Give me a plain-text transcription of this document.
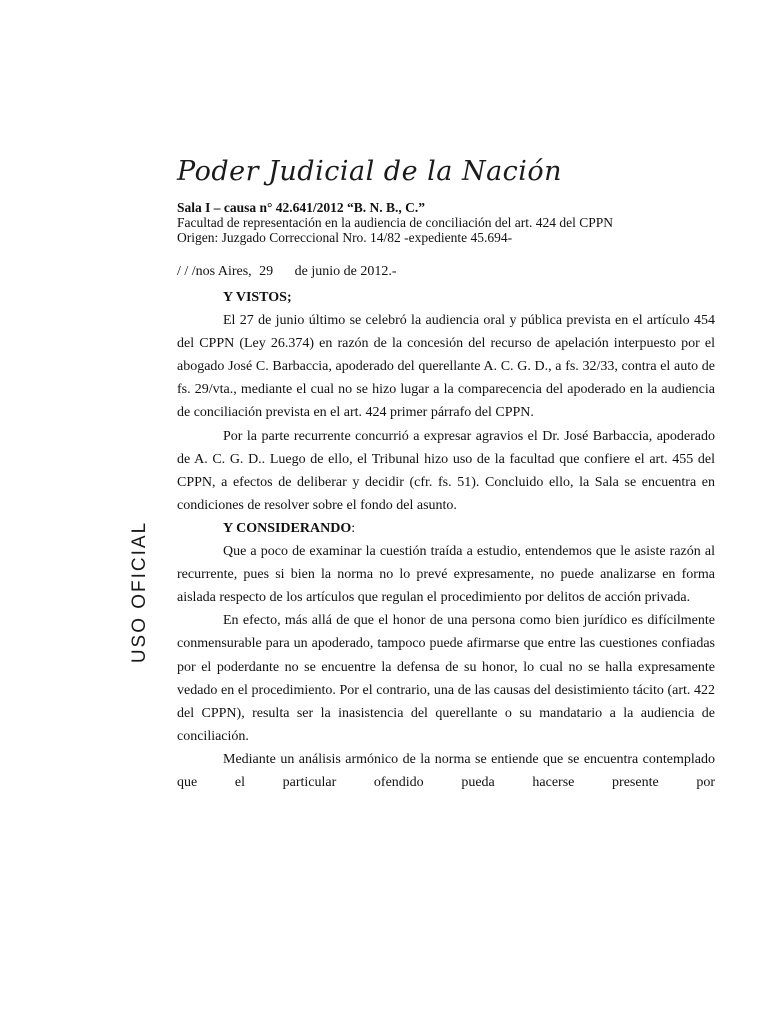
USO OFICIAL
Poder Judicial de la Nación
Sala I – causa n° 42.641/2012 “B. N. B., C.”
Facultad de representación en la audiencia de conciliación del art. 424 del CPPN
Origen: Juzgado Correccional Nro. 14/82 -expediente 45.694-
/ / /nos Aires, 29 de junio de 2012.-
Y VISTOS;

El 27 de junio último se celebró la audiencia oral y pública prevista en el artículo 454 del CPPN (Ley 26.374) en razón de la concesión del recurso de apelación interpuesto por el abogado José C. Barbaccia, apoderado del querellante A. C. G. D., a fs. 32/33, contra el auto de fs. 29/vta., mediante el cual no se hizo lugar a la comparecencia del apoderado en la audiencia de conciliación prevista en el art. 424 primer párrafo del CPPN.

Por la parte recurrente concurrió a expresar agravios el Dr. José Barbaccia, apoderado de A. C. G. D.. Luego de ello, el Tribunal hizo uso de la facultad que confiere el art. 455 del CPPN, a efectos de deliberar y decidir (cfr. fs. 51). Concluido ello, la Sala se encuentra en condiciones de resolver sobre el fondo del asunto.

Y CONSIDERANDO:

Que a poco de examinar la cuestión traída a estudio, entendemos que le asiste razón al recurrente, pues si bien la norma no lo prevé expresamente, no puede analizarse en forma aislada respecto de los artículos que regulan el procedimiento por delitos de acción privada.

En efecto, más allá de que el honor de una persona como bien jurídico es difícilmente conmensurable para un apoderado, tampoco puede afirmarse que entre las cuestiones confiadas por el poderdante no se encuentre la defensa de su honor, lo cual no se halla expresamente vedado en el procedimiento. Por el contrario, una de las causas del desistimiento tácito (art. 422 del CPPN), resulta ser la inasistencia del querellante o su mandatario a la audiencia de conciliación.

Mediante un análisis armónico de la norma se entiende que se encuentra contemplado que el particular ofendido pueda hacerse presente por
